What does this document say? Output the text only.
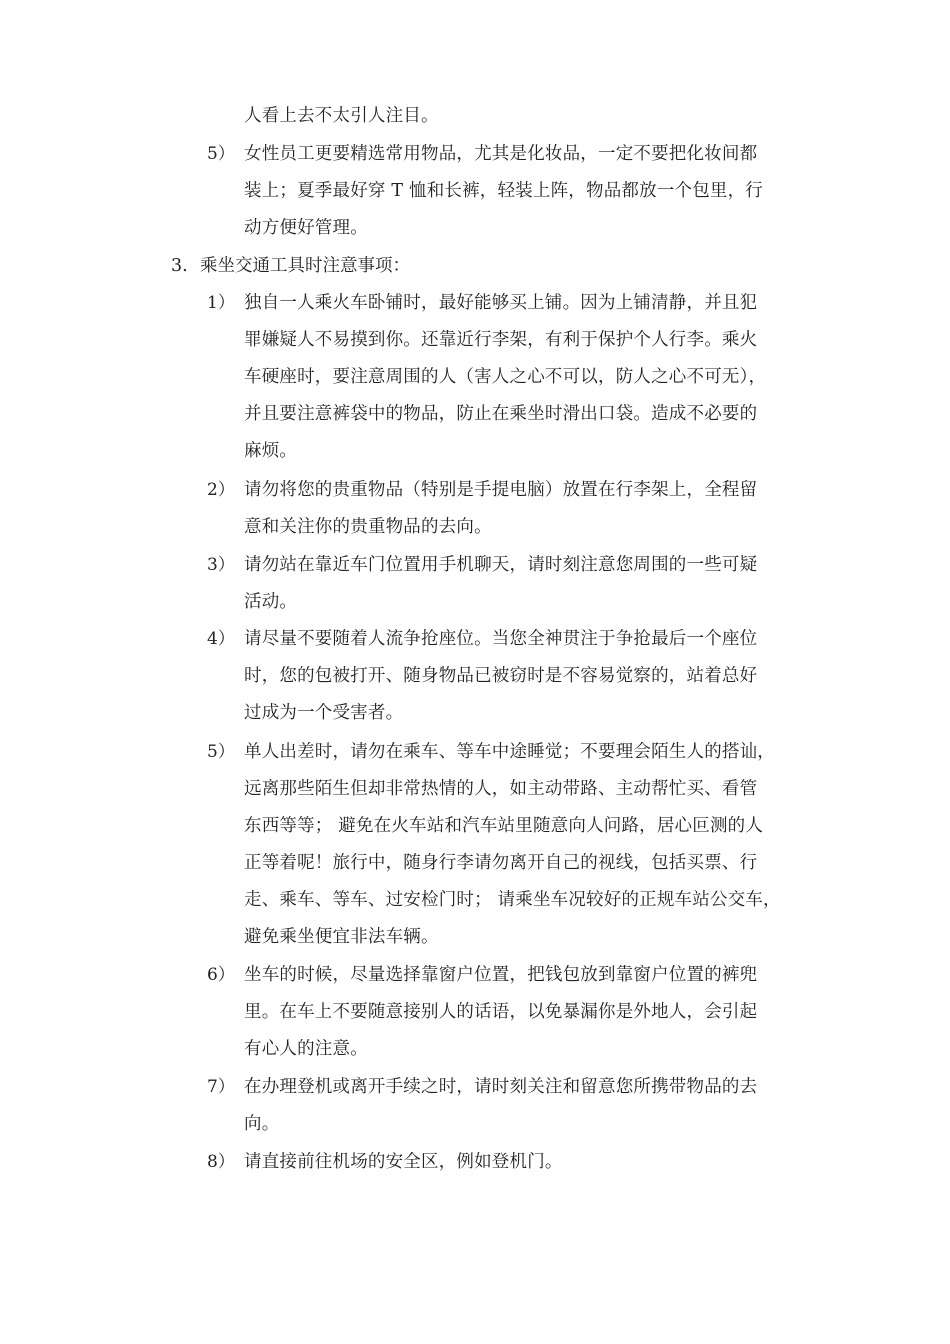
人看上去不太引人注目。
5） 女性员工更要精选常用物品，尤其是化妆品，一定不要把化妆间都
装上；夏季最好穿 T 恤和长裤，轻装上阵，物品都放一个包里，行
动方便好管理。
3. 乘坐交通工具时注意事项：
1） 独自一人乘火车卧铺时，最好能够买上铺。因为上铺清静，并且犯
罪嫌疑人不易摸到你。还靠近行李架，有利于保护个人行李。乘火
车硬座时，要注意周围的人（害人之心不可以，防人之心不可无），
并且要注意裤袋中的物品，防止在乘坐时滑出口袋。造成不必要的
麻烦。
2） 请勿将您的贵重物品（特别是手提电脑）放置在行李架上，全程留
意和关注你的贵重物品的去向。
3） 请勿站在靠近车门位置用手机聊天，请时刻注意您周围的一些可疑
活动。
4） 请尽量不要随着人流争抢座位。当您全神贯注于争抢最后一个座位
时，您的包被打开、随身物品已被窃时是不容易觉察的，站着总好
过成为一个受害者。
5） 单人出差时，请勿在乘车、等车中途睡觉；不要理会陌生人的搭讪，
远离那些陌生但却非常热情的人，如主动带路、主动帮忙买、看管
东西等等； 避免在火车站和汽车站里随意向人问路，居心叵测的人
正等着呢！旅行中，随身行李请勿离开自己的视线，包括买票、行
走、乘车、等车、过安检门时； 请乘坐车况较好的正规车站公交车，
避免乘坐便宜非法车辆。
6） 坐车的时候，尽量选择靠窗户位置，把钱包放到靠窗户位置的裤兜
里。在车上不要随意接别人的话语，以免暴漏你是外地人，会引起
有心人的注意。
7） 在办理登机或离开手续之时，请时刻关注和留意您所携带物品的去
向。
8） 请直接前往机场的安全区，例如登机门。
